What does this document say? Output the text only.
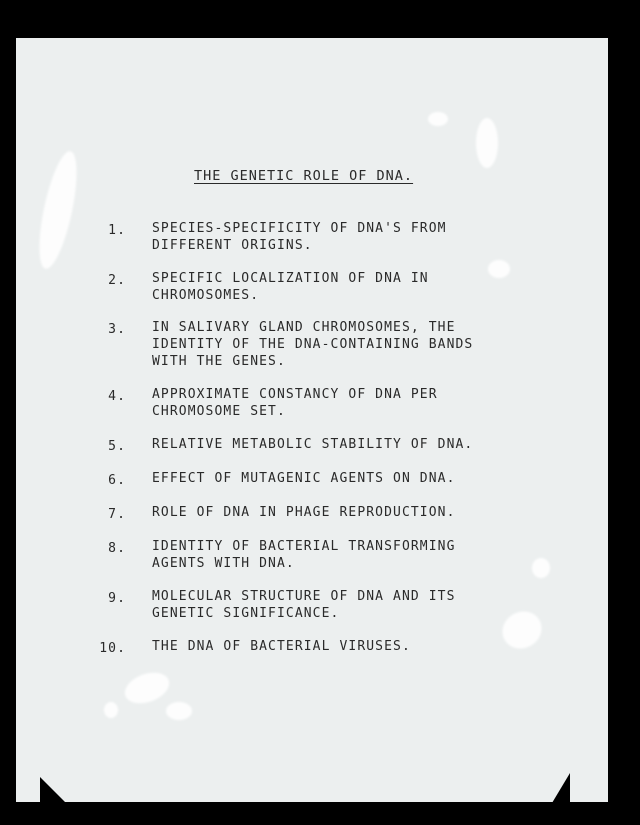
THE GENETIC ROLE OF DNA.
1. SPECIES-SPECIFICITY OF DNA'S FROM
DIFFERENT ORIGINS.
2. SPECIFIC LOCALIZATION OF DNA IN
CHROMOSOMES.
3. IN SALIVARY GLAND CHROMOSOMES, THE
IDENTITY OF THE DNA-CONTAINING BANDS
WITH THE GENES.
4. APPROXIMATE CONSTANCY OF DNA PER
CHROMOSOME SET.
5. RELATIVE METABOLIC STABILITY OF DNA.
6. EFFECT OF MUTAGENIC AGENTS ON DNA.
7. ROLE OF DNA IN PHAGE REPRODUCTION.
8. IDENTITY OF BACTERIAL TRANSFORMING
AGENTS WITH DNA.
9. MOLECULAR STRUCTURE OF DNA AND ITS
GENETIC SIGNIFICANCE.
10. THE DNA OF BACTERIAL VIRUSES.
